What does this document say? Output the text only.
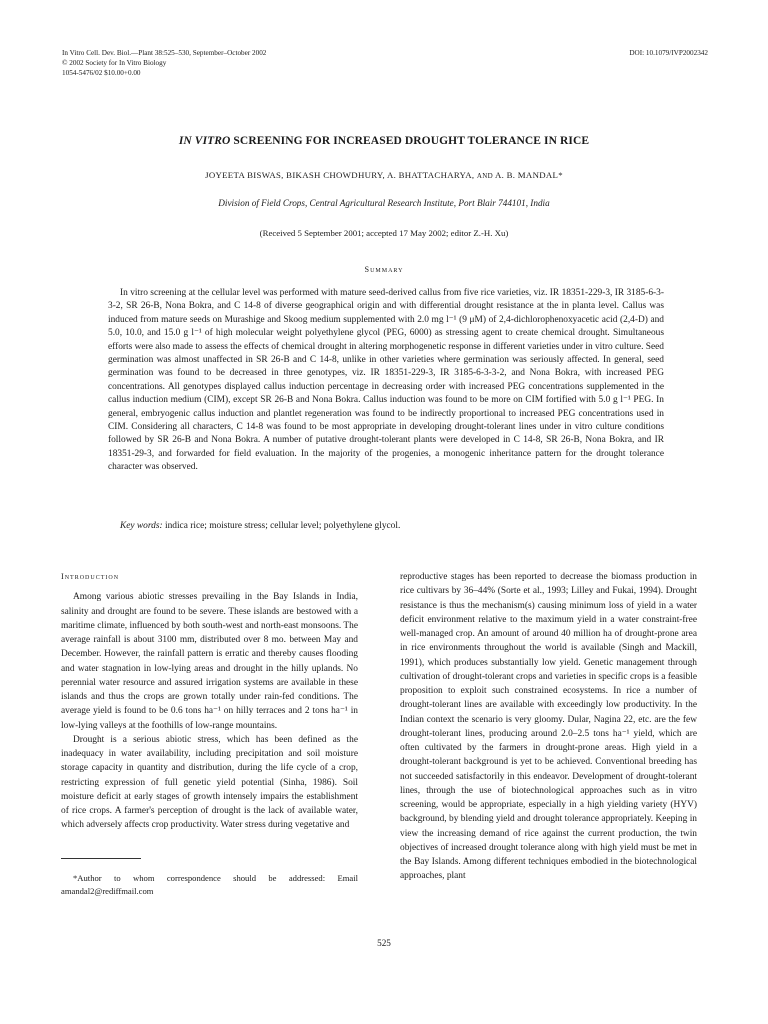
In Vitro Cell. Dev. Biol.—Plant 38:525–530, September–October 2002
© 2002 Society for In Vitro Biology
1054-5476/02 $10.00+0.00
DOI: 10.1079/IVP2002342
IN VITRO SCREENING FOR INCREASED DROUGHT TOLERANCE IN RICE
JOYEETA BISWAS, BIKASH CHOWDHURY, A. BHATTACHARYA, AND A. B. MANDAL*
Division of Field Crops, Central Agricultural Research Institute, Port Blair 744101, India
(Received 5 September 2001; accepted 17 May 2002; editor Z.-H. Xu)
Summary

In vitro screening at the cellular level was performed with mature seed-derived callus from five rice varieties, viz. IR 18351-229-3, IR 3185-6-3-3-2, SR 26-B, Nona Bokra, and C 14-8 of diverse geographical origin and with differential drought resistance at the in planta level. Callus was induced from mature seeds on Murashige and Skoog medium supplemented with 2.0 mg l⁻¹ (9 μM) of 2,4-dichlorophenoxyacetic acid (2,4-D) and 5.0, 10.0, and 15.0 g l⁻¹ of high molecular weight polyethylene glycol (PEG, 6000) as stressing agent to create chemical drought. Simultaneous efforts were also made to assess the effects of chemical drought in altering morphogenetic response in different varieties under in vitro culture. Seed germination was almost unaffected in SR 26-B and C 14-8, unlike in other varieties where germination was seriously affected. In general, seed germination was found to be decreased in three genotypes, viz. IR 18351-229-3, IR 3185-6-3-3-2, and Nona Bokra, with increased PEG concentrations. All genotypes displayed callus induction percentage in decreasing order with increased PEG concentrations supplemented in the callus induction medium (CIM), except SR 26-B and Nona Bokra. Callus induction was found to be more on CIM fortified with 5.0 g l⁻¹ PEG. In general, embryogenic callus induction and plantlet regeneration was found to be indirectly proportional to increased PEG concentrations used in CIM. Considering all characters, C 14-8 was found to be most appropriate in developing drought-tolerant lines under in vitro culture conditions followed by SR 26-B and Nona Bokra. A number of putative drought-tolerant plants were developed in C 14-8, SR 26-B, Nona Bokra, and IR 18351-29-3, and forwarded for field evaluation. In the majority of the progenies, a monogenic inheritance pattern for the drought tolerance character was observed.

Key words: indica rice; moisture stress; cellular level; polyethylene glycol.

Introduction

Among various abiotic stresses prevailing in the Bay Islands in India, salinity and drought are found to be severe. These islands are bestowed with a maritime climate, influenced by both south-west and north-east monsoons. The average rainfall is about 3100 mm, distributed over 8 mo. between May and December. However, the rainfall pattern is erratic and thereby causes flooding and water stagnation in low-lying areas and drought in the hilly uplands. No perennial water resource and assured irrigation systems are available in these islands and thus the crops are grown totally under rain-fed conditions. The average yield is found to be 0.6 tons ha⁻¹ on hilly terraces and 2 tons ha⁻¹ in low-lying valleys at the foothills of low-range mountains.

Drought is a serious abiotic stress, which has been defined as the inadequacy in water availability, including precipitation and soil moisture storage capacity in quantity and distribution, during the life cycle of a crop, restricting expression of full genetic yield potential (Sinha, 1986). Soil moisture deficit at early stages of growth intensely impairs the establishment of rice crops. A farmer's perception of drought is the lack of available water, which adversely affects crop productivity. Water stress during vegetative and

reproductive stages has been reported to decrease the biomass production in rice cultivars by 36–44% (Sorte et al., 1993; Lilley and Fukai, 1994). Drought resistance is thus the mechanism(s) causing minimum loss of yield in a water deficit environment relative to the maximum yield in a water constraint-free well-managed crop. An amount of around 40 million ha of drought-prone area in rice environments throughout the world is available (Singh and Mackill, 1991), which produces substantially low yield. Genetic management through cultivation of drought-tolerant crops and varieties in specific crops is a feasible proposition to exploit such constrained ecosystems. In rice a number of drought-tolerant lines are available with exceedingly low productivity. In the Indian context the scenario is very gloomy. Dular, Nagina 22, etc. are the few drought-tolerant lines, producing around 2.0–2.5 tons ha⁻¹ yield, which are often cultivated by the farmers in drought-prone areas. High yield in a drought-tolerant background is yet to be achieved. Conventional breeding has not succeeded satisfactorily in this endeavor. Development of drought-tolerant lines, through the use of biotechnological approaches such as in vitro screening, would be appropriate, especially in a high yielding variety (HYV) background, by blending yield and drought tolerance appropriately. Keeping in view the increasing demand of rice against the current production, the twin objectives of increased drought tolerance along with high yield must be met in the Bay Islands. Among different techniques embodied in the biotechnological approaches, plant

*Author to whom correspondence should be addressed: Email amandal2@rediffmail.com

525
